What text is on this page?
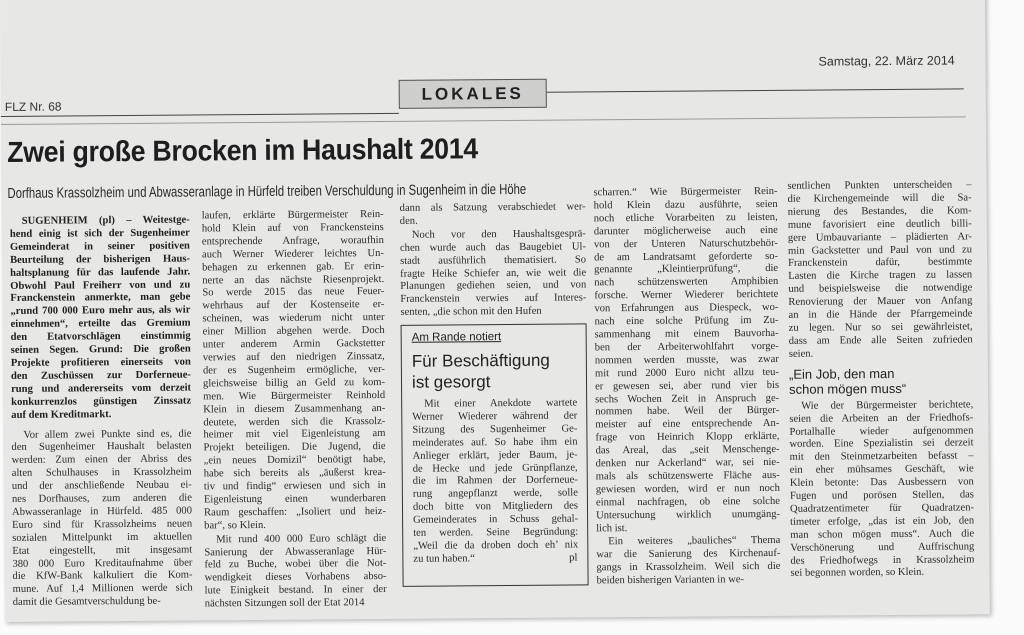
FLZ Nr. 68
Samstag, 22. März 2014
LOKALES
Zwei große Brocken im Haushalt 2014
Dorfhaus Krassolzheim und Abwasseranlage in Hürfeld treiben Verschuldung in Sugenheim in die Höhe
SUGENHEIM (pl) – Weitestge-
hend einig ist sich der Sugenheimer
Gemeinderat in seiner positiven
Beurteilung der bisherigen Haus-
haltsplanung für das laufende Jahr.
Obwohl Paul Freiherr von und zu
Franckenstein anmerkte, man gebe
„rund 700 000 Euro mehr aus, als wir
einnehmen“, erteilte das Gremium
den Etatvorschlägen einstimmig
seinen Segen. Grund: Die großen
Projekte profitieren einerseits von
den Zuschüssen zur Dorferneue-
rung und andererseits vom derzeit
konkurrenzlos günstigen Zinssatz
auf dem Kreditmarkt.
Vor allem zwei Punkte sind es, die
den Sugenheimer Haushalt belasten
werden: Zum einen der Abriss des
alten Schulhauses in Krassolzheim
und der anschließende Neubau ei-
nes Dorfhauses, zum anderen die
Abwasseranlage in Hürfeld. 485 000
Euro sind für Krassolzheims neuen
sozialen Mittelpunkt im aktuellen
Etat eingestellt, mit insgesamt
380 000 Euro Kreditaufnahme über
die KfW-Bank kalkuliert die Kom-
mune. Auf 1,4 Millionen werde sich
damit die Gesamtverschuldung be-
laufen, erklärte Bürgermeister Rein-
hold Klein auf von Franckensteins
entsprechende Anfrage, woraufhin
auch Werner Wiederer leichtes Un-
behagen zu erkennen gab. Er erin-
nerte an das nächste Riesenprojekt.
So werde 2015 das neue Feuer-
wehrhaus auf der Kostenseite er-
scheinen, was wiederum nicht unter
einer Million abgehen werde. Doch
unter anderem Armin Gackstetter
verwies auf den niedrigen Zinssatz,
der es Sugenheim ermögliche, ver-
gleichsweise billig an Geld zu kom-
men. Wie Bürgermeister Reinhold
Klein in diesem Zusammenhang an-
deutete, werden sich die Krassolz-
heimer mit viel Eigenleistung am
Projekt beteiligen. Die Jugend, die
„ein neues Domizil“ benötigt habe,
habe sich bereits als „äußerst krea-
tiv und findig“ erwiesen und sich in
Eigenleistung einen wunderbaren
Raum geschaffen: „Isoliert und heiz-
bar“, so Klein.
Mit rund 400 000 Euro schlägt die
Sanierung der Abwasseranlage Hür-
feld zu Buche, wobei über die Not-
wendigkeit dieses Vorhabens abso-
lute Einigkeit bestand. In einer der
nächsten Sitzungen soll der Etat 2014
dann als Satzung verabschiedet wer-
den.
Noch vor den Haushaltsgesprä-
chen wurde auch das Baugebiet Ul-
stadt ausführlich thematisiert. So
fragte Heike Schiefer an, wie weit die
Planungen gediehen seien, und von
Franckenstein verwies auf Interes-
senten, „die schon mit den Hufen
scharren.“ Wie Bürgermeister Rein-
hold Klein dazu ausführte, seien
noch etliche Vorarbeiten zu leisten,
darunter möglicherweise auch eine
von der Unteren Naturschutzbehör-
de am Landratsamt geforderte so-
genannte „Kleintierprüfung“, die
nach schützenswerten Amphibien
forsche. Werner Wiederer berichtete
von Erfahrungen aus Diespeck, wo-
nach eine solche Prüfung im Zu-
sammenhang mit einem Bauvorha-
ben der Arbeiterwohlfahrt vorge-
nommen werden musste, was zwar
mit rund 2000 Euro nicht allzu teu-
er gewesen sei, aber rund vier bis
sechs Wochen Zeit in Anspruch ge-
nommen habe. Weil der Bürger-
meister auf eine entsprechende An-
frage von Heinrich Klopp erklärte,
das Areal, das „seit Menschenge-
denken nur Ackerland“ war, sei nie-
mals als schützenswerte Fläche aus-
gewiesen worden, wird er nun noch
einmal nachfragen, ob eine solche
Untersuchung wirklich unumgäng-
lich ist.
Ein weiteres „bauliches“ Thema
war die Sanierung des Kirchenauf-
gangs in Krassolzheim. Weil sich die
beiden bisherigen Varianten in we-
sentlichen Punkten unterscheiden –
die Kirchengemeinde will die Sa-
nierung des Bestandes, die Kom-
mune favorisiert eine deutlich billi-
gere Umbauvariante – plädierten Ar-
min Gackstetter und Paul von und zu
Franckenstein dafür, bestimmte
Lasten die Kirche tragen zu lassen
und beispielsweise die notwendige
Renovierung der Mauer von Anfang
an in die Hände der Pfarrgemeinde
zu legen. Nur so sei gewährleistet,
dass am Ende alle Seiten zufrieden
seien.
„Ein Job, den man
schon mögen muss“
Wie der Bürgermeister berichtete,
seien die Arbeiten an der Friedhofs-
Portalhalle wieder aufgenommen
worden. Eine Spezialistin sei derzeit
mit den Steinmetzarbeiten befasst –
ein eher mühsames Geschäft, wie
Klein betonte: Das Ausbessern von
Fugen und porösen Stellen, das
Quadratzentimeter für Quadratzen-
timeter erfolge, „das ist ein Job, den
man schon mögen muss“. Auch die
Verschönerung und Auffrischung
des Friedhofwegs in Krassolzheim
sei begonnen worden, so Klein.
Am Rande notiert
Für Beschäftigung
ist gesorgt
Mit einer Anekdote wartete
Werner Wiederer während der
Sitzung des Sugenheimer Ge-
meinderates auf. So habe ihm ein
Anlieger erklärt, jeder Baum, je-
de Hecke und jede Grünpflanze,
die im Rahmen der Dorferneue-
rung angepflanzt werde, solle
doch bitte von Mitgliedern des
Gemeinderates in Schuss gehal-
ten werden. Seine Begründung:
„Weil die da droben doch eh’ nix
zu tun haben.“	pl
